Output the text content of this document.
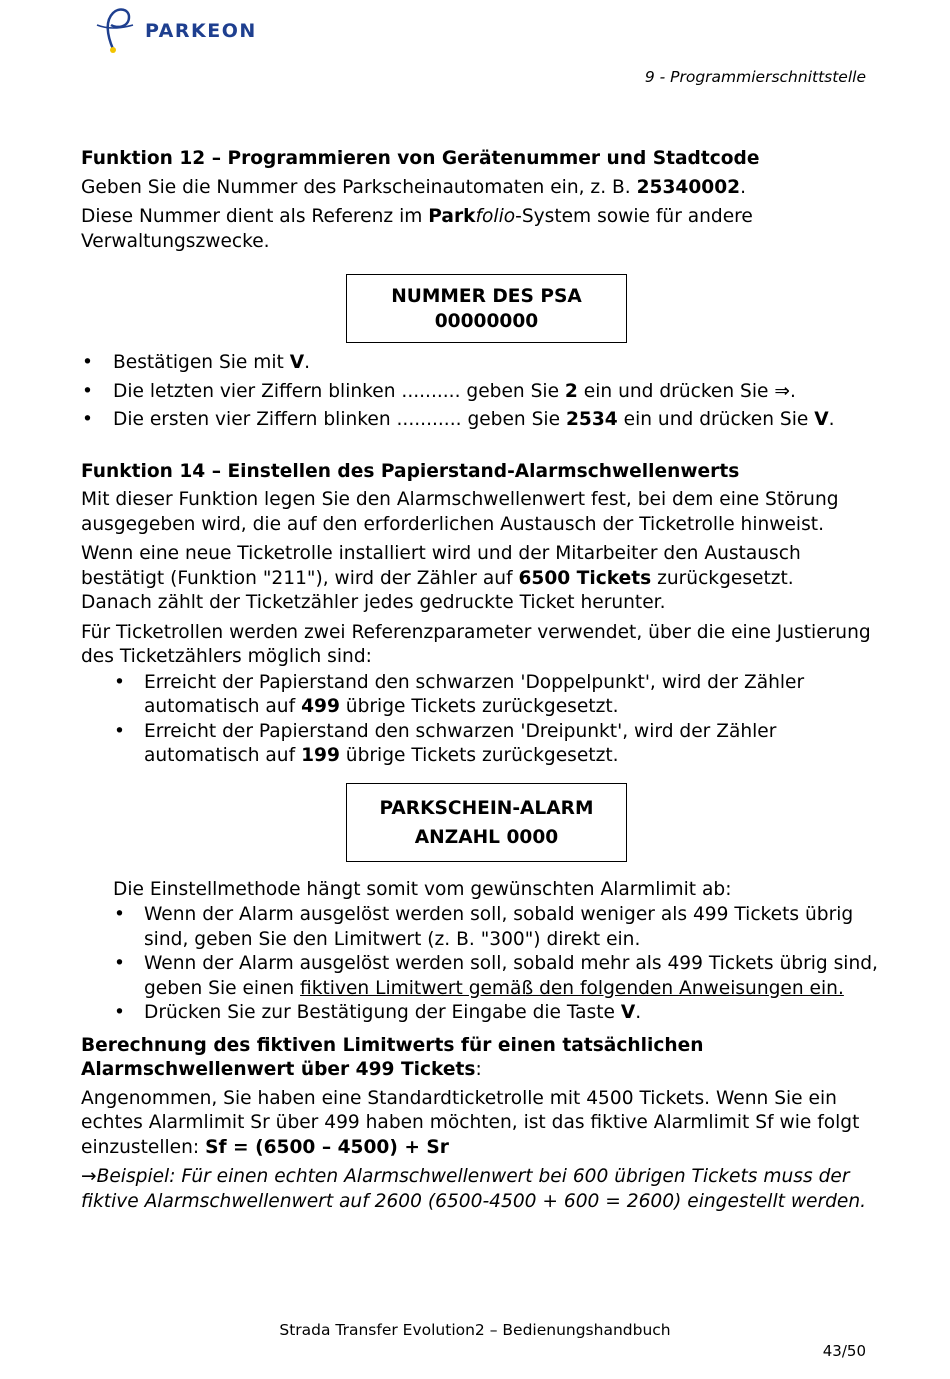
PARKEON
9 - Programmierschnittstelle
Funktion 12 – Programmieren von Gerätenummer und Stadtcode

Geben Sie die Nummer des Parkscheinautomaten ein, z. B. 25340002.

Diese Nummer dient als Referenz im Parkfolio-System sowie für andere Verwaltungszwecke.

NUMMER DES PSA
00000000
• Bestätigen Sie mit V.
• Die letzten vier Ziffern blinken .......... geben Sie 2 ein und drücken Sie ⇒.
• Die ersten vier Ziffern blinken ........... geben Sie 2534 ein und drücken Sie V.
Funktion 14 – Einstellen des Papierstand-Alarmschwellenwerts

Mit dieser Funktion legen Sie den Alarmschwellenwert fest, bei dem eine Störung ausgegeben wird, die auf den erforderlichen Austausch der Ticketrolle hinweist.

Wenn eine neue Ticketrolle installiert wird und der Mitarbeiter den Austausch bestätigt (Funktion "211"), wird der Zähler auf 6500 Tickets zurückgesetzt.

Danach zählt der Ticketzähler jedes gedruckte Ticket herunter.

Für Ticketrollen werden zwei Referenzparameter verwendet, über die eine Justierung des Ticketzählers möglich sind:

• Erreicht der Papierstand den schwarzen 'Doppelpunkt', wird der Zähler automatisch auf 499 übrige Tickets zurückgesetzt.
• Erreicht der Papierstand den schwarzen 'Dreipunkt', wird der Zähler automatisch auf 199 übrige Tickets zurückgesetzt.
PARKSCHEIN-ALARM
ANZAHL 0000

Die Einstellmethode hängt somit vom gewünschten Alarmlimit ab:

• Wenn der Alarm ausgelöst werden soll, sobald weniger als 499 Tickets übrig sind, geben Sie den Limitwert (z. B. "300") direkt ein.
• Wenn der Alarm ausgelöst werden soll, sobald mehr als 499 Tickets übrig sind, geben Sie einen fiktiven Limitwert gemäß den folgenden Anweisungen ein.
• Drücken Sie zur Bestätigung der Eingabe die Taste V.
Berechnung des fiktiven Limitwerts für einen tatsächlichen Alarmschwellenwert über 499 Tickets:

Angenommen, Sie haben eine Standardticketrolle mit 4500 Tickets. Wenn Sie ein echtes Alarmlimit Sr über 499 haben möchten, ist das fiktive Alarmlimit Sf wie folgt einzustellen: Sf = (6500 – 4500) + Sr

→Beispiel: Für einen echten Alarmschwellenwert bei 600 übrigen Tickets muss der fiktive Alarmschwellenwert auf 2600 (6500-4500 + 600 = 2600) eingestellt werden.

Strada Transfer Evolution2 – Bedienungshandbuch
43/50
